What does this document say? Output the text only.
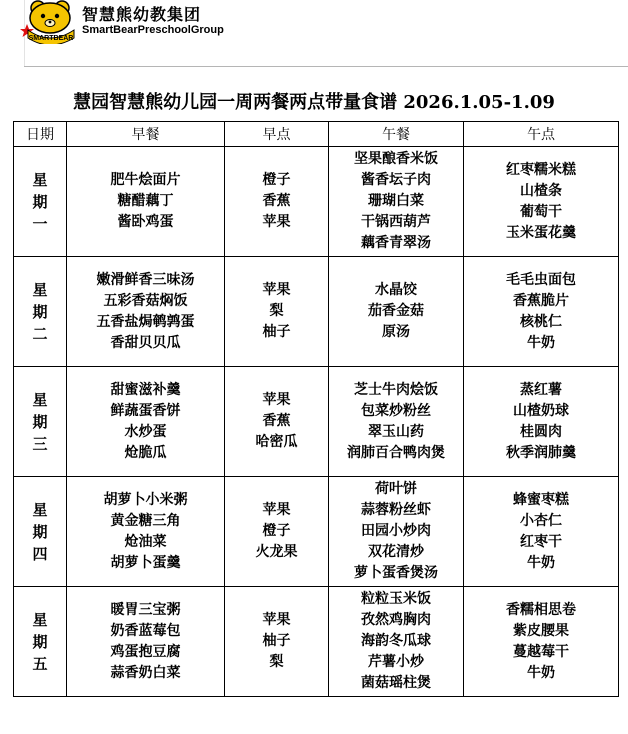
SMARTBEAR
智慧熊幼教集团
SmartBearPreschoolGroup
慧园智慧熊幼儿园一周两餐两点带量食谱 2026.1.05-1.09
日期	早餐	早点	午餐	午点

星
期
一	肥牛烩面片
糖醋藕丁
酱卧鸡蛋	橙子
香蕉
苹果	坚果酿香米饭
酱香坛子肉
珊瑚白菜
干锅西葫芦
藕香青翠汤	红枣糯米糕
山楂条
葡萄干
玉米蛋花羹

星
期
二	嫩滑鲜香三味汤
五彩香菇焖饭
五香盐焗鹌鹑蛋
香甜贝贝瓜	苹果
梨
柚子	水晶饺
茄香金菇
原汤	毛毛虫面包
香蕉脆片
核桃仁
牛奶

星
期
三	甜蜜滋补羹
鲜蔬蛋香饼
水炒蛋
炝脆瓜	苹果
香蕉
哈密瓜	芝士牛肉烩饭
包菜炒粉丝
翠玉山药
润肺百合鸭肉煲	蒸红薯
山楂奶球
桂圆肉
秋季润肺羹

星
期
四	胡萝卜小米粥
黄金糖三角
炝油菜
胡萝卜蛋羹	苹果
橙子
火龙果	荷叶饼
蒜蓉粉丝虾
田园小炒肉
双花清炒
萝卜蛋香煲汤	蜂蜜枣糕
小杏仁
红枣干
牛奶

星
期
五	暖胃三宝粥
奶香蓝莓包
鸡蛋抱豆腐
蒜香奶白菜	苹果
柚子
梨	粒粒玉米饭
孜然鸡胸肉
海韵冬瓜球
芹薯小炒
菌菇瑶柱煲	香糯相思卷
紫皮腰果
蔓越莓干
牛奶
